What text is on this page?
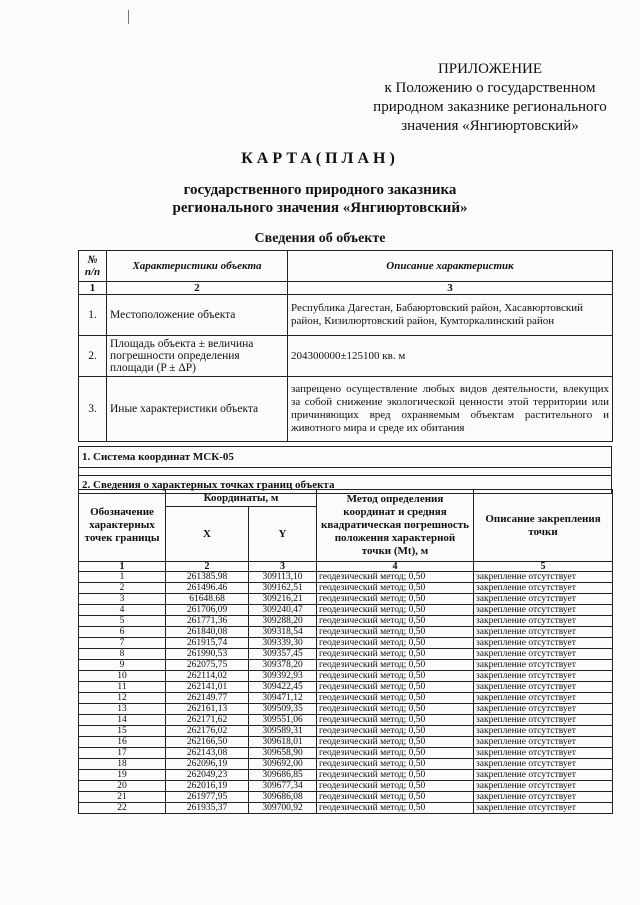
ПРИЛОЖЕНИЕ
к Положению о государственном
природном заказнике регионального
значения «Янгиюртовский»
КАРТА(ПЛАН)
государственного природного заказника
регионального значения «Янгиюртовский»
Сведения об объекте
№ п/п	Характеристики объекта	Описание характеристик
1	2	3
1.	Местоположение объекта	Республика Дагестан, Бабаюртовский район, Хасавюртовский район, Кизилюртовский район, Кумторкалинский район
2.	Площадь объекта ± величина погрешности определения площади (P ± ΔP)	204300000±125100 кв. м
3.	Иные характеристики объекта	запрещено осуществление любых видов деятельности, влекущих за собой снижение экологической ценности этой территории или причиняющих вред охраняемым объектам растительного и животного мира и среде их обитания
1. Система координат МСК-05

2. Сведения о характерных точках границ объекта
Обозначение характерных точек границы	Координаты, м		Метод определения координат и средняя квадратическая погрешность положения характерной точки (Mt), м	Описание закрепления точки
	X	Y		
1	2	3	4	5
1	261385.98	309113,10	геодезический метод; 0,50	закрепление отсутствует
2	261496.46	309162,51	геодезический метод; 0,50	закрепление отсутствует
3	61648.68	309216,21	геодезический метод; 0,50	закрепление отсутствует
4	261706,09	309240,47	геодезический метод; 0,50	закрепление отсутствует
5	261771,36	309288,20	геодезический метод; 0,50	закрепление отсутствует
6	261840,08	309318,54	геодезический метод; 0,50	закрепление отсутствует
7	261915,74	309339,30	геодезический метод; 0,50	закрепление отсутствует
8	261990,53	309357,45	геодезический метод; 0,50	закрепление отсутствует
9	262075,75	309378,20	геодезический метод; 0,50	закрепление отсутствует
10	262114,02	309392,93	геодезический метод; 0,50	закрепление отсутствует
11	262141,01	309422,45	геодезический метод; 0,50	закрепление отсутствует
12	262149.77	309471,12	геодезический метод; 0,50	закрепление отсутствует
13	262161,13	309509,35	геодезический метод; 0,50	закрепление отсутствует
14	262171,62	309551,06	геодезический метод; 0,50	закрепление отсутствует
15	262176,02	309589,31	геодезический метод; 0,50	закрепление отсутствует
16	262166,50	309618,01	геодезический метод; 0,50	закрепление отсутствует
17	262143,08	309658,90	геодезический метод; 0,50	закрепление отсутствует
18	262096,19	309692,00	геодезический метод; 0,50	закрепление отсутствует
19	262049,23	309686,85	геодезический метод; 0,50	закрепление отсутствует
20	262016,19	309677,34	геодезический метод; 0,50	закрепление отсутствует
21	261977,95	309686,08	геодезический метод; 0,50	закрепление отсутствует
22	261935,37	309700,92	геодезический метод; 0,50	закрепление отсутствует
